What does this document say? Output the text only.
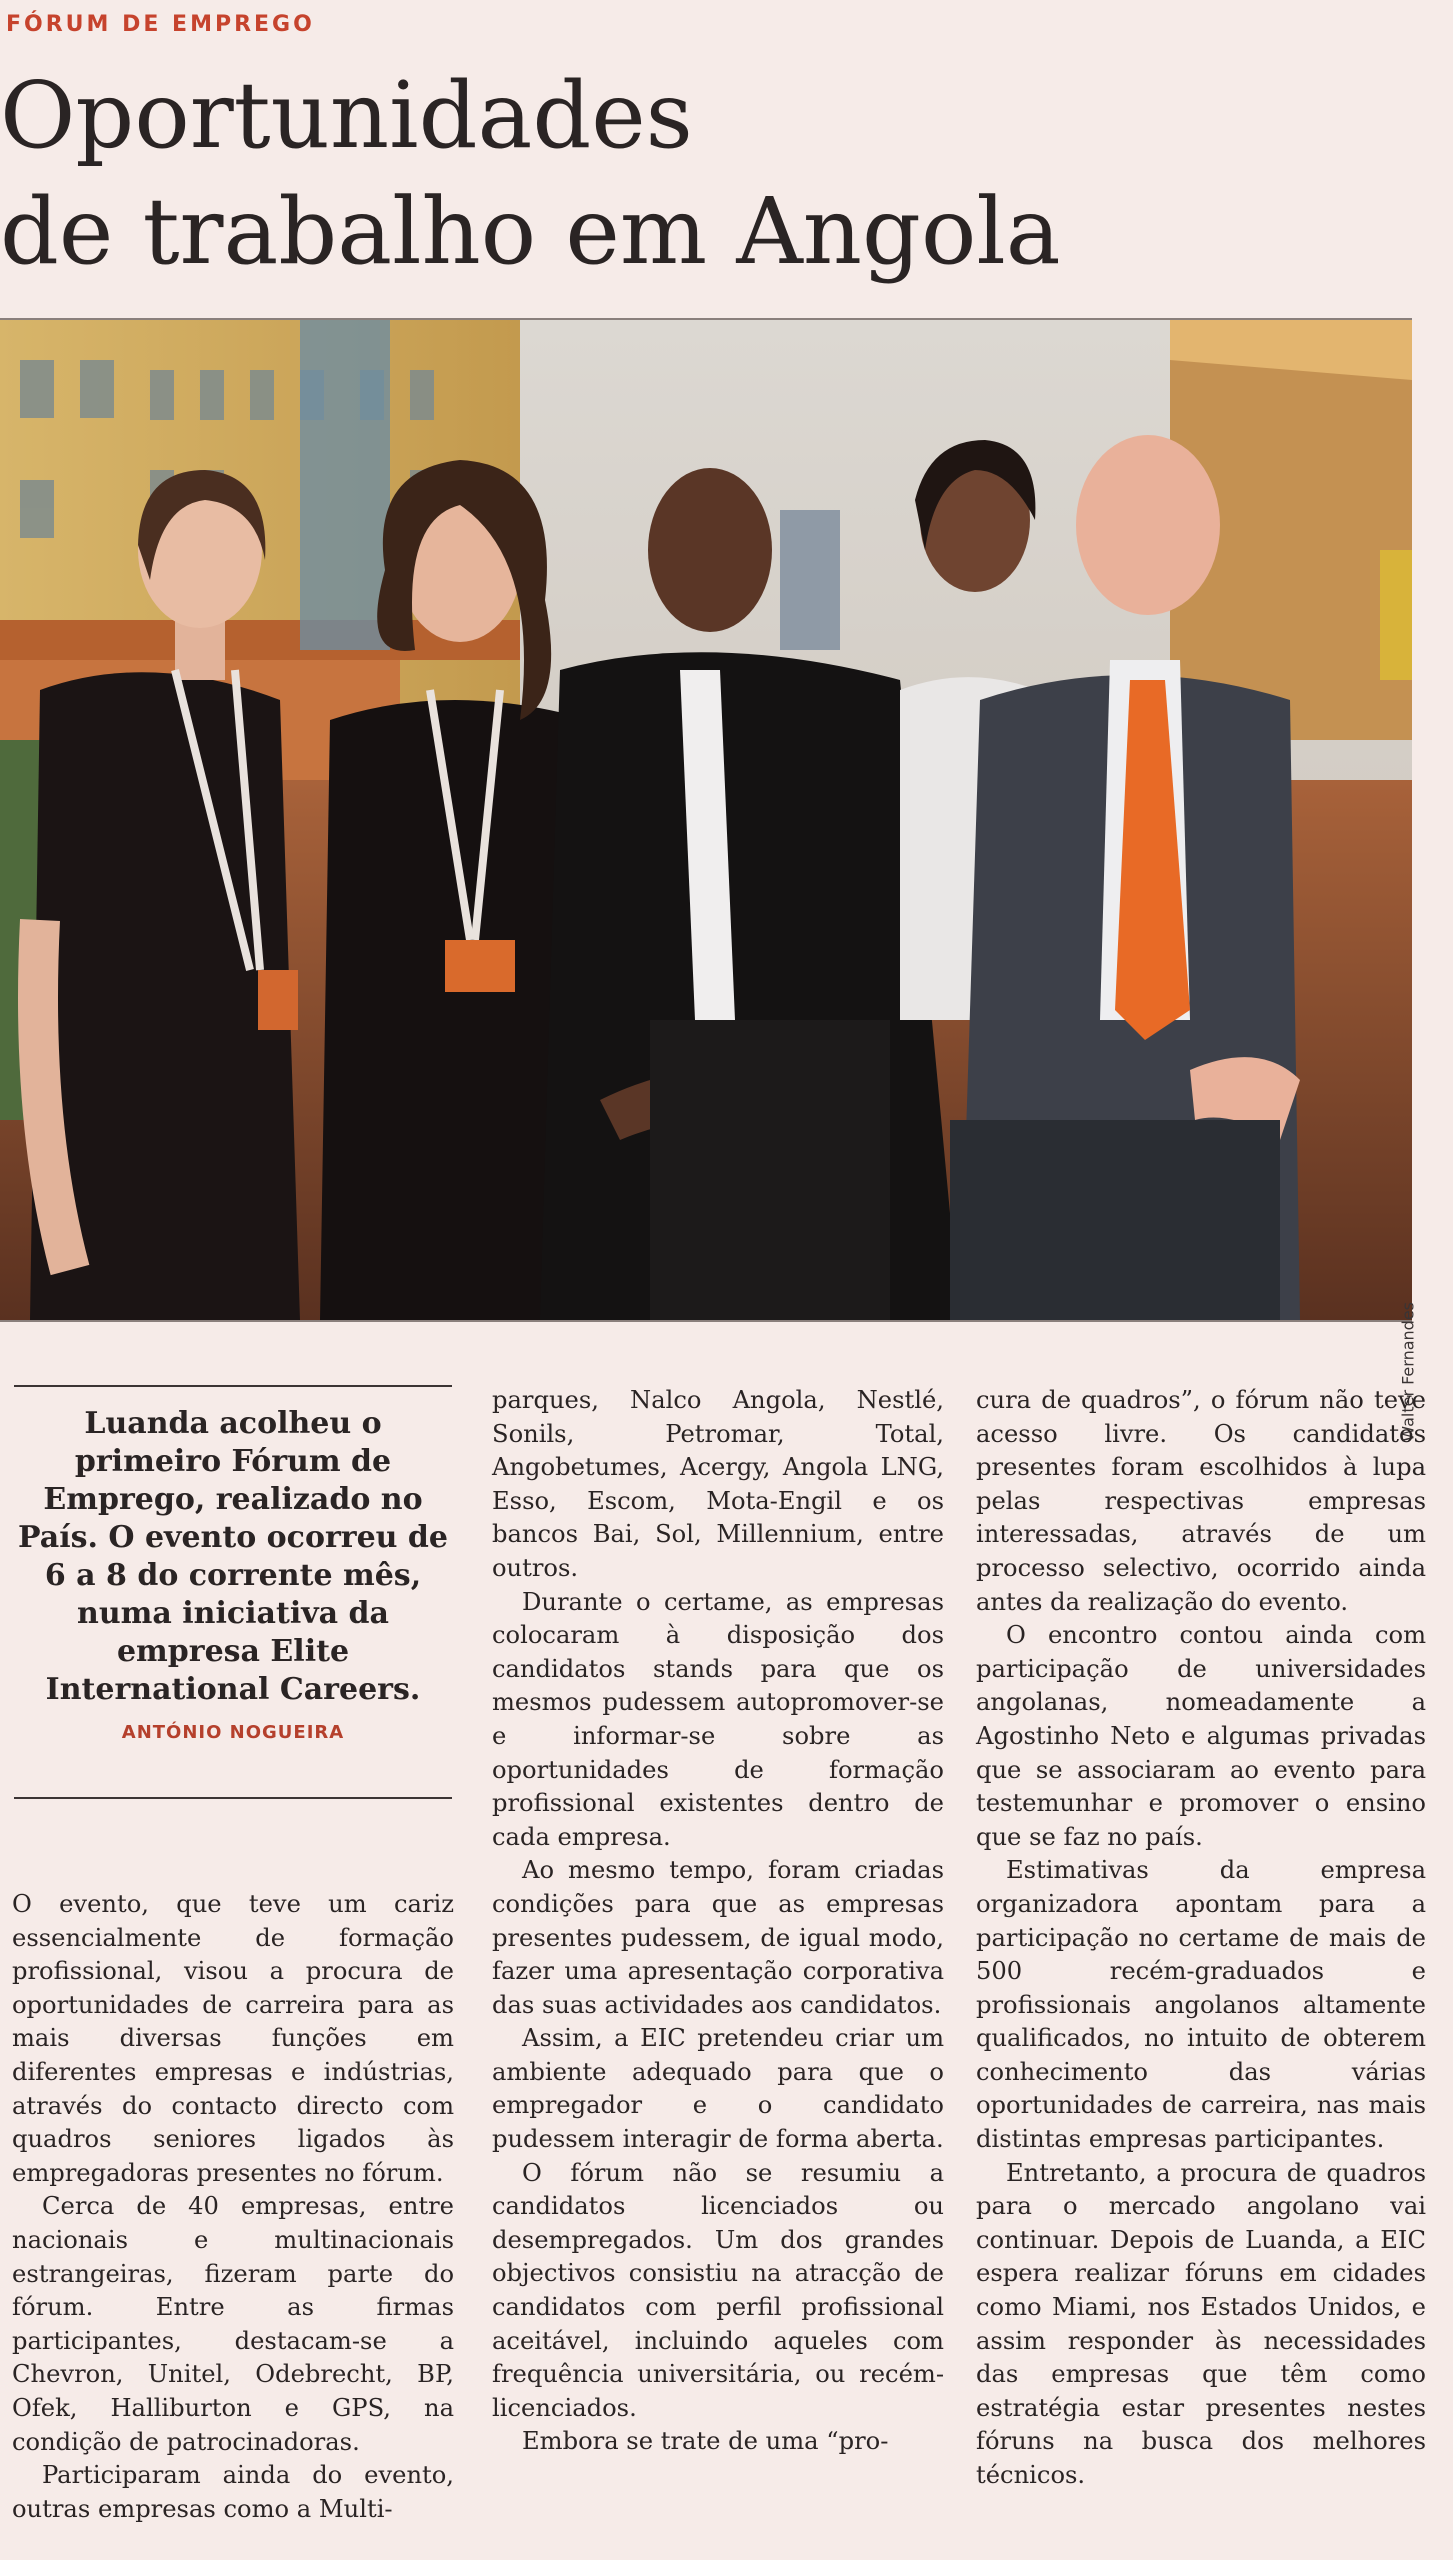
FÓRUM DE EMPREGO
Oportunidades
de trabalho em Angola
Walter Fernandes
Luanda acolheu o primeiro Fórum de Emprego, realizado no País. O evento ocorreu de 6 a 8 do corrente mês, numa iniciativa da empresa Elite International Careers.
ANTÓNIO NOGUEIRA

O evento, que teve um cariz essencialmente de formação profissional, visou a procura de oportunidades de carreira para as mais diversas funções em diferentes empresas e indústrias, através do contacto directo com quadros seniores ligados às empregadoras presentes no fórum.

Cerca de 40 empresas, entre nacionais e multinacionais estrangeiras, fizeram parte do fórum. Entre as firmas participantes, destacam-se a Chevron, Unitel, Odebrecht, BP, Ofek, Halliburton e GPS, na condição de patrocinadoras.

Participaram ainda do evento, outras empresas como a Multi-

parques, Nalco Angola, Nestlé, Sonils, Petromar, Total, Angobetumes, Acergy, Angola LNG, Esso, Escom, Mota-Engil e os bancos Bai, Sol, Millennium, entre outros.

Durante o certame, as empresas colocaram à disposição dos candidatos stands para que os mesmos pudessem autopromover-se e informar-se sobre as oportunidades de formação profissional existentes dentro de cada empresa.

Ao mesmo tempo, foram criadas condições para que as empresas presentes pudessem, de igual modo, fazer uma apresentação corporativa das suas actividades aos candidatos.

Assim, a EIC pretendeu criar um ambiente adequado para que o empregador e o candidato pudessem interagir de forma aberta.

O fórum não se resumiu a candidatos licenciados ou desempregados. Um dos grandes objectivos consistiu na atracção de candidatos com perfil profissional aceitável, incluindo aqueles com frequência universitária, ou recém-licenciados.

Embora se trate de uma “pro-

cura de quadros”, o fórum não teve acesso livre. Os candidatos presentes foram escolhidos à lupa pelas respectivas empresas interessadas, através de um processo selectivo, ocorrido ainda antes da realização do evento.

O encontro contou ainda com participação de universidades angolanas, nomeadamente a Agostinho Neto e algumas privadas que se associaram ao evento para testemunhar e promover o ensino que se faz no país.

Estimativas da empresa organizadora apontam para a participação no certame de mais de 500 recém-graduados e profissionais angolanos altamente qualificados, no intuito de obterem conhecimento das várias oportunidades de carreira, nas mais distintas empresas participantes.

Entretanto, a procura de quadros para o mercado angolano vai continuar. Depois de Luanda, a EIC espera realizar fóruns em cidades como Miami, nos Estados Unidos, e assim responder às necessidades das empresas que têm como estratégia estar presentes nestes fóruns na busca dos melhores técnicos.
